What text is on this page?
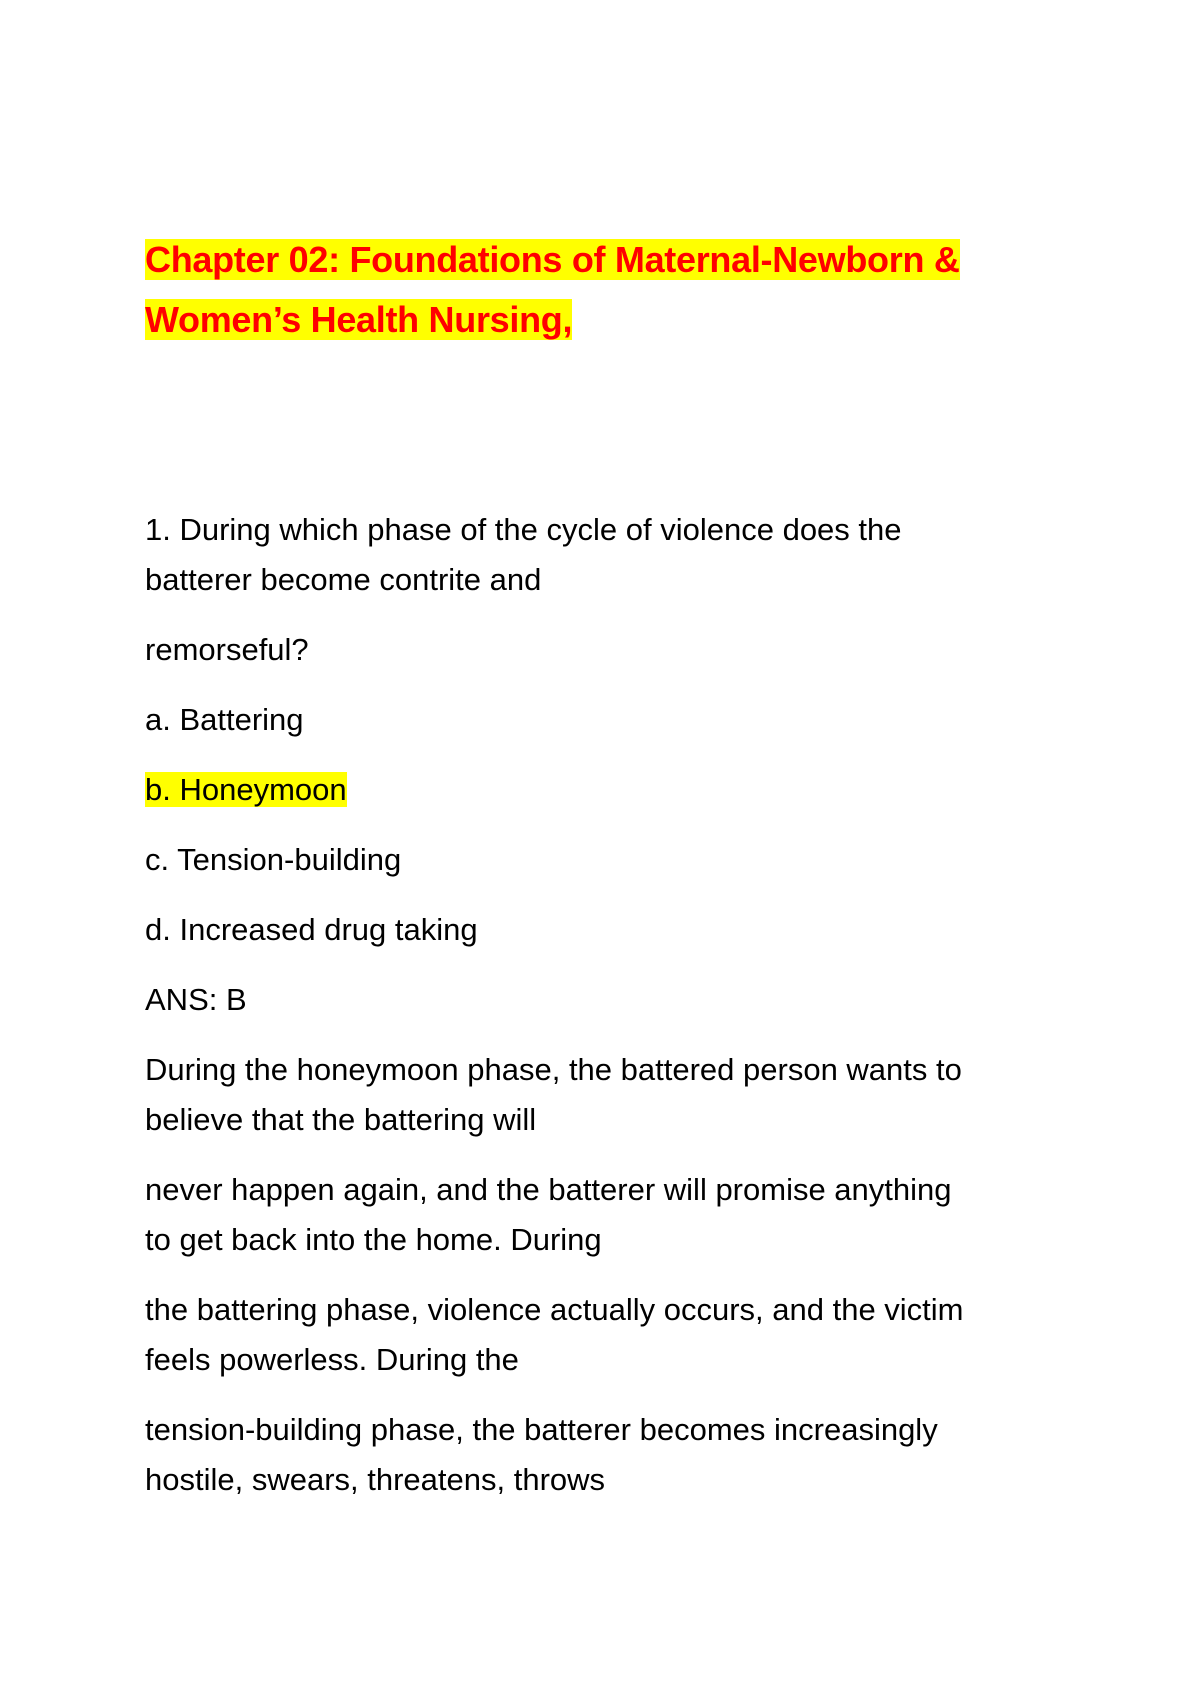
Chapter 02: Foundations of Maternal-Newborn &

Women’s Health Nursing,

1. During which phase of the cycle of violence does the
batterer become contrite and

remorseful?

a. Battering

b. Honeymoon

c. Tension-building

d. Increased drug taking

ANS: B

During the honeymoon phase, the battered person wants to
believe that the battering will

never happen again, and the batterer will promise anything
to get back into the home. During

the battering phase, violence actually occurs, and the victim
feels powerless. During the

tension-building phase, the batterer becomes increasingly
hostile, swears, threatens, throws
